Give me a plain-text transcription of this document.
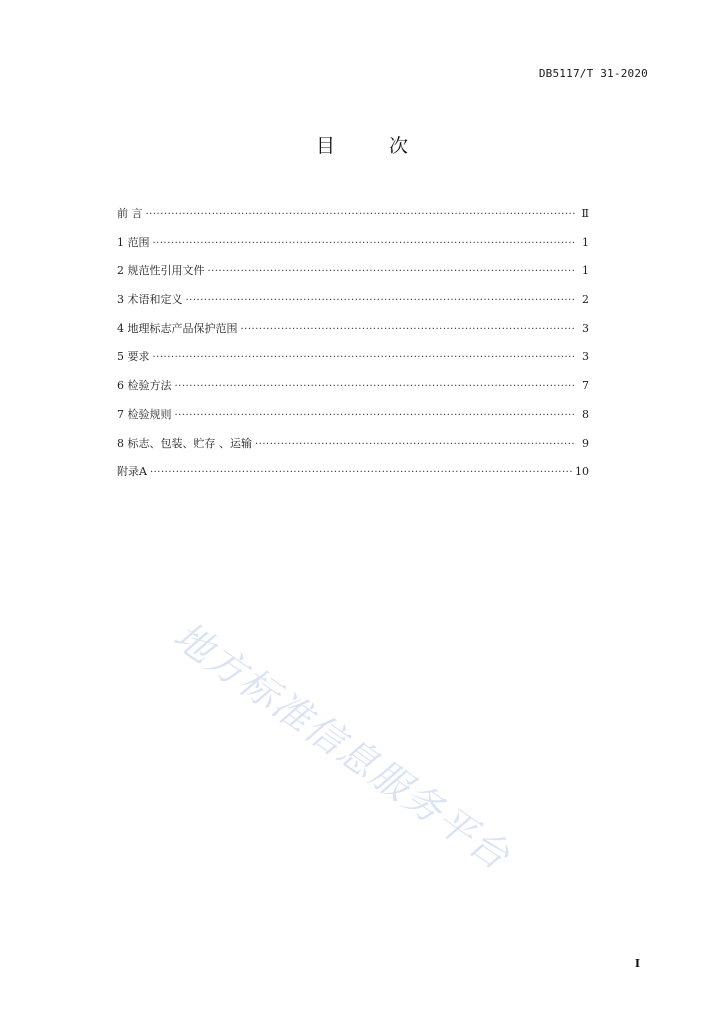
DB5117/T 31-2020
目 次
前 言 ·····	Ⅱ
1 范围 ·····	1
2 规范性引用文件 ·····	1
3 术语和定义 ·····	2
4 地理标志产品保护范围 ·····	3
5 要求 ·····	3
6 检验方法 ·····	7
7 检验规则 ·····	8
8 标志、包装、贮存 、运输 ·····	9
附录A ·····	10
地方标准信息服务平台
I
